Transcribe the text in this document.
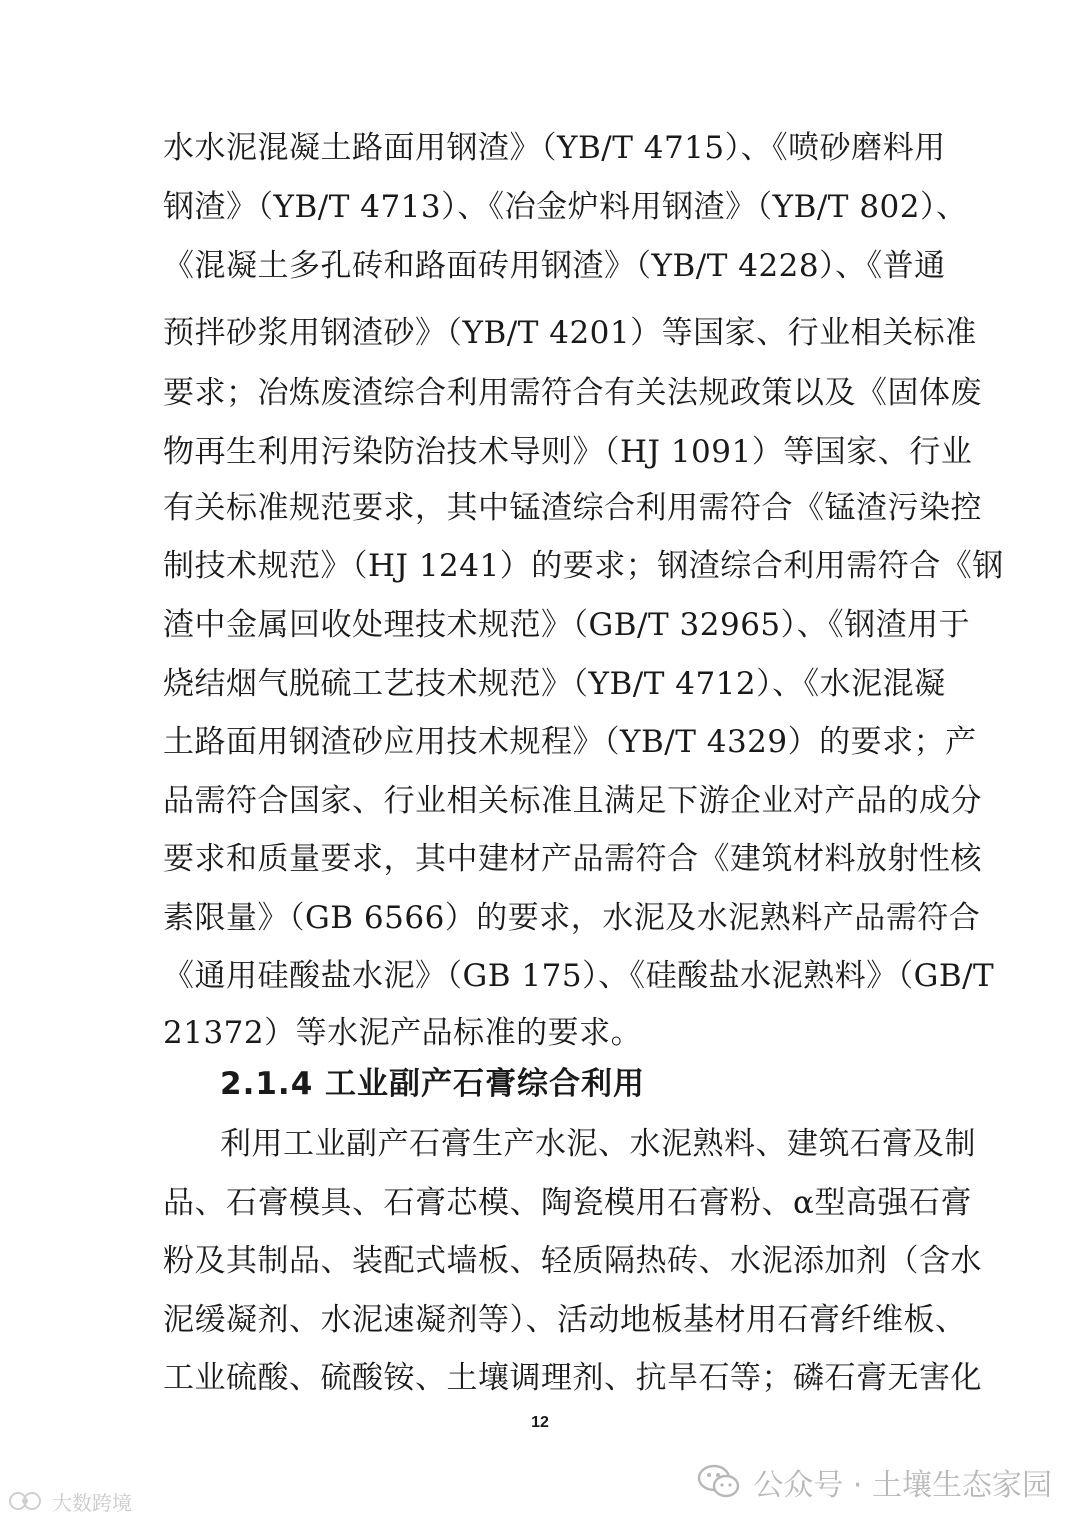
水水泥混凝土路面用钢渣》（YB/T 4715）、《喷砂磨料用
钢渣》（YB/T 4713）、《冶金炉料用钢渣》（YB/T 802）、
《混凝土多孔砖和路面砖用钢渣》（YB/T 4228）、《普通
预拌砂浆用钢渣砂》（YB/T 4201）等国家、行业相关标准
要求；冶炼废渣综合利用需符合有关法规政策以及《固体废
物再生利用污染防治技术导则》（HJ 1091）等国家、行业
有关标准规范要求，其中锰渣综合利用需符合《锰渣污染控
制技术规范》（HJ 1241）的要求；钢渣综合利用需符合《钢
渣中金属回收处理技术规范》（GB/T 32965）、《钢渣用于
烧结烟气脱硫工艺技术规范》（YB/T 4712）、《水泥混凝
土路面用钢渣砂应用技术规程》（YB/T 4329）的要求；产
品需符合国家、行业相关标准且满足下游企业对产品的成分
要求和质量要求，其中建材产品需符合《建筑材料放射性核
素限量》（GB 6566）的要求，水泥及水泥熟料产品需符合
《通用硅酸盐水泥》（GB 175）、《硅酸盐水泥熟料》（GB/T
21372）等水泥产品标准的要求。
2.1.4 工业副产石膏综合利用
利用工业副产石膏生产水泥、水泥熟料、建筑石膏及制
品、石膏模具、石膏芯模、陶瓷模用石膏粉、α型高强石膏
粉及其制品、装配式墙板、轻质隔热砖、水泥添加剂（含水
泥缓凝剂、水泥速凝剂等）、活动地板基材用石膏纤维板、
工业硫酸、硫酸铵、土壤调理剂、抗旱石等；磷石膏无害化
12
大数跨境	公众号 · 土壤生态家园
